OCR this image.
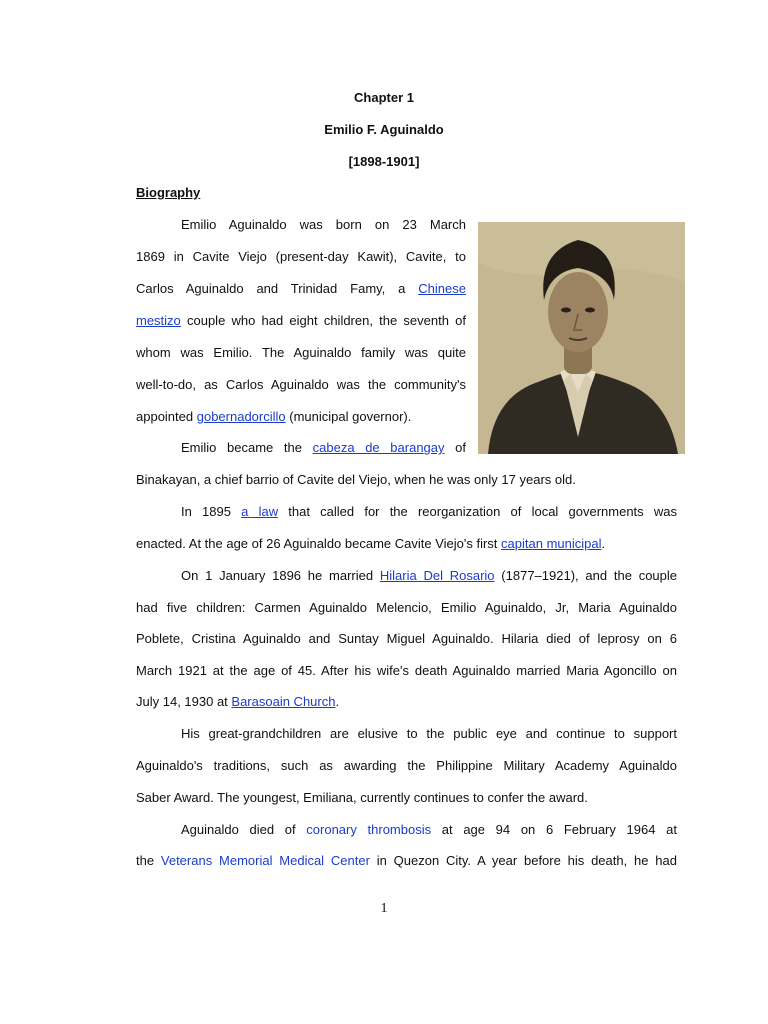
Chapter 1
Emilio F. Aguinaldo
[1898-1901]
Biography
Emilio Aguinaldo was born on 23 March
1869 in Cavite Viejo (present-day Kawit), Cavite, to
Carlos Aguinaldo and Trinidad Famy, a Chinese
mestizo couple who had eight children, the seventh of
whom was Emilio. The Aguinaldo family was quite
well-to-do, as Carlos Aguinaldo was the community's
appointed gobernadorcillo (municipal governor).
Emilio became the cabeza de barangay of
Binakayan, a chief barrio of Cavite del Viejo, when he was only 17 years old.
In 1895 a law that called for the reorganization of local governments was
enacted. At the age of 26 Aguinaldo became Cavite Viejo's first capitan municipal.
On 1 January 1896 he married Hilaria Del Rosario (1877–1921), and the couple
had five children: Carmen Aguinaldo Melencio, Emilio Aguinaldo, Jr, Maria Aguinaldo
Poblete, Cristina Aguinaldo and Suntay Miguel Aguinaldo. Hilaria died of leprosy on 6
March 1921 at the age of 45. After his wife's death Aguinaldo married Maria Agoncillo on
July 14, 1930 at Barasoain Church.
His great-grandchildren are elusive to the public eye and continue to support
Aguinaldo's traditions, such as awarding the Philippine Military Academy Aguinaldo
Saber Award. The youngest, Emiliana, currently continues to confer the award.
Aguinaldo died of coronary thrombosis at age 94 on 6 February 1964 at
the Veterans Memorial Medical Center in Quezon City. A year before his death, he had
1
